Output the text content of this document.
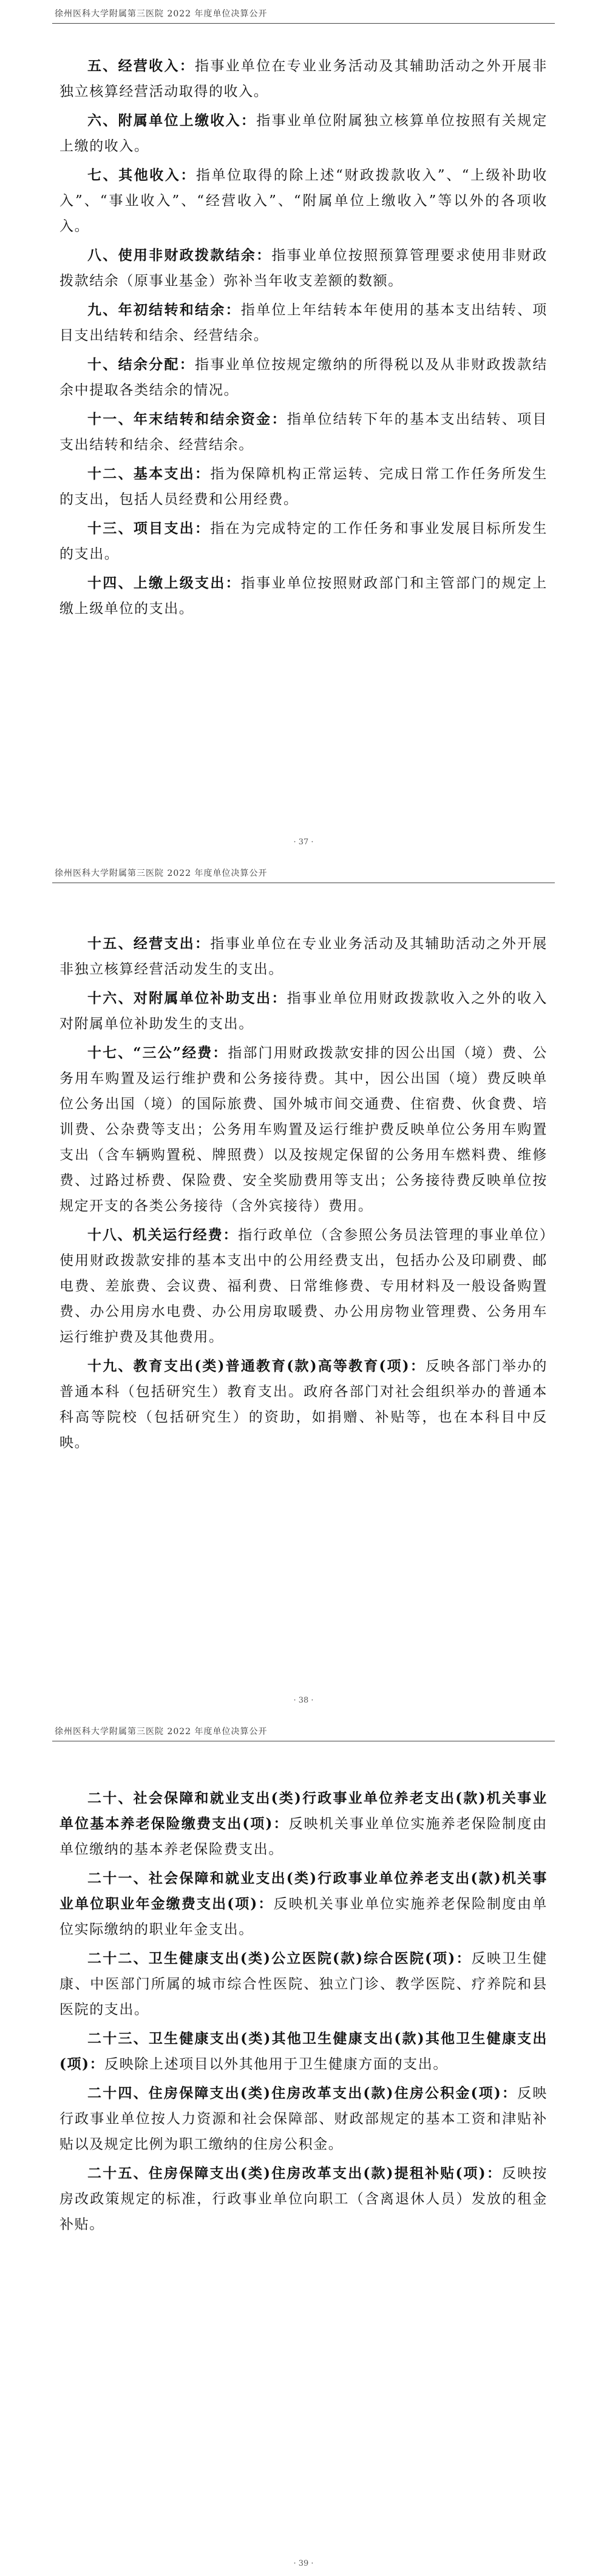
徐州医科大学附属第三医院 2022 年度单位决算公开

五、经营收入：指事业单位在专业业务活动及其辅助活动之外开展非独立核算经营活动取得的收入。

六、附属单位上缴收入：指事业单位附属独立核算单位按照有关规定上缴的收入。

七、其他收入：指单位取得的除上述“财政拨款收入”、“上级补助收入”、“事业收入”、“经营收入”、“附属单位上缴收入”等以外的各项收入。

八、使用非财政拨款结余：指事业单位按照预算管理要求使用非财政拨款结余（原事业基金）弥补当年收支差额的数额。

九、年初结转和结余：指单位上年结转本年使用的基本支出结转、项目支出结转和结余、经营结余。

十、结余分配：指事业单位按规定缴纳的所得税以及从非财政拨款结余中提取各类结余的情况。

十一、年末结转和结余资金：指单位结转下年的基本支出结转、项目支出结转和结余、经营结余。

十二、基本支出：指为保障机构正常运转、完成日常工作任务所发生的支出，包括人员经费和公用经费。

十三、项目支出：指在为完成特定的工作任务和事业发展目标所发生的支出。

十四、上缴上级支出：指事业单位按照财政部门和主管部门的规定上缴上级单位的支出。

· 37 ·
徐州医科大学附属第三医院 2022 年度单位决算公开

十五、经营支出：指事业单位在专业业务活动及其辅助活动之外开展非独立核算经营活动发生的支出。

十六、对附属单位补助支出：指事业单位用财政拨款收入之外的收入对附属单位补助发生的支出。

十七、“三公”经费：指部门用财政拨款安排的因公出国（境）费、公务用车购置及运行维护费和公务接待费。其中，因公出国（境）费反映单位公务出国（境）的国际旅费、国外城市间交通费、住宿费、伙食费、培训费、公杂费等支出；公务用车购置及运行维护费反映单位公务用车购置支出（含车辆购置税、牌照费）以及按规定保留的公务用车燃料费、维修费、过路过桥费、保险费、安全奖励费用等支出；公务接待费反映单位按规定开支的各类公务接待（含外宾接待）费用。

十八、机关运行经费：指行政单位（含参照公务员法管理的事业单位）使用财政拨款安排的基本支出中的公用经费支出，包括办公及印刷费、邮电费、差旅费、会议费、福利费、日常维修费、专用材料及一般设备购置费、办公用房水电费、办公用房取暖费、办公用房物业管理费、公务用车运行维护费及其他费用。

十九、教育支出(类)普通教育(款)高等教育(项)：反映各部门举办的普通本科（包括研究生）教育支出。政府各部门对社会组织举办的普通本科高等院校（包括研究生）的资助，如捐赠、补贴等，也在本科目中反映。

· 38 ·
徐州医科大学附属第三医院 2022 年度单位决算公开

二十、社会保障和就业支出(类)行政事业单位养老支出(款)机关事业单位基本养老保险缴费支出(项)：反映机关事业单位实施养老保险制度由单位缴纳的基本养老保险费支出。

二十一、社会保障和就业支出(类)行政事业单位养老支出(款)机关事业单位职业年金缴费支出(项)：反映机关事业单位实施养老保险制度由单位实际缴纳的职业年金支出。

二十二、卫生健康支出(类)公立医院(款)综合医院(项)：反映卫生健康、中医部门所属的城市综合性医院、独立门诊、教学医院、疗养院和县医院的支出。

二十三、卫生健康支出(类)其他卫生健康支出(款)其他卫生健康支出(项)：反映除上述项目以外其他用于卫生健康方面的支出。

二十四、住房保障支出(类)住房改革支出(款)住房公积金(项)：反映行政事业单位按人力资源和社会保障部、财政部规定的基本工资和津贴补贴以及规定比例为职工缴纳的住房公积金。

二十五、住房保障支出(类)住房改革支出(款)提租补贴(项)：反映按房改政策规定的标准，行政事业单位向职工（含离退休人员）发放的租金补贴。

· 39 ·
